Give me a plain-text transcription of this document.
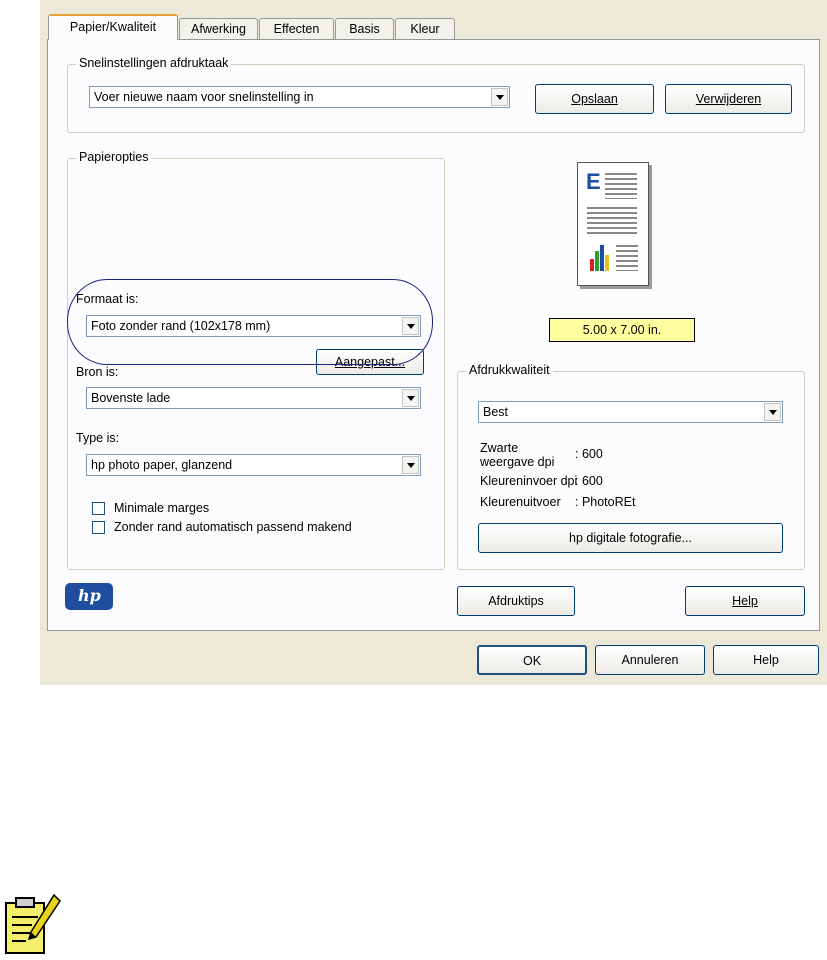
Papier/Kwaliteit	Afwerking	Effecten	Basis	Kleur
Snelinstellingen afdruktaak
Voer nieuwe naam voor snelinstelling in	Opslaan	Verwijderen
Papieropties
Formaat is:
Foto zonder rand (102x178 mm)
Aangepast...
Bron is:
Bovenste lade
Type is:
hp photo paper, glanzend
Minimale marges
Zonder rand automatisch passend makend
E
5.00 x 7.00 in.
Afdrukkwaliteit
Best
Zwarte weergave dpi
: 600
Kleureninvoer dpi
: 600
Kleurenuitvoer : PhotoREt
hp digitale fotografie...
hp	Afdruktips	Help
OK	Annuleren	Help
